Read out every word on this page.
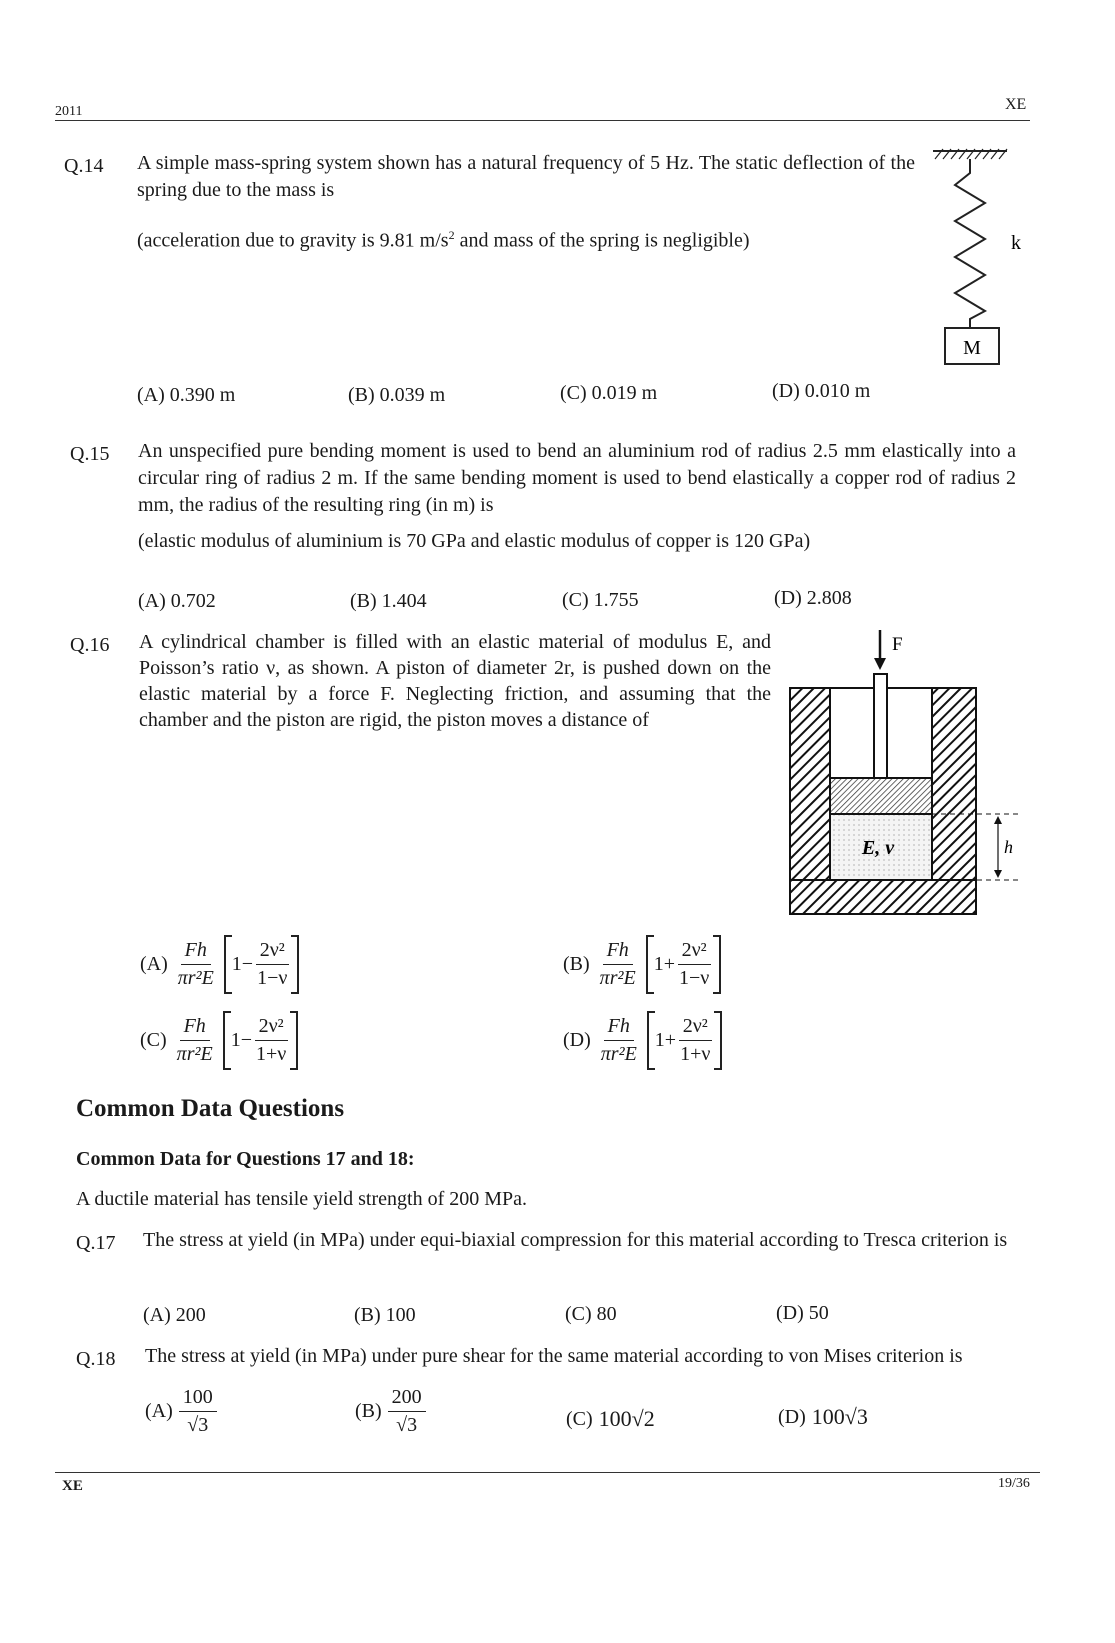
2011	XE
Q.14 A simple mass-spring system shown has a natural frequency of 5 Hz. The static deflection of the spring due to the mass is
(acceleration due to gravity is 9.81 $m/s^2$ and mass of the spring is negligible)
M
k
(A) 0.390 m	(B) 0.039 m	(C) 0.019 m	(D) 0.010 m
Q.15 An unspecified pure bending moment is used to bend an aluminium rod of radius 2.5 mm elastically into a circular ring of radius 2 m. If the same bending moment is used to bend elastically a copper rod of radius 2 mm, the radius of the resulting ring (in m) is
(elastic modulus of aluminium is 70 GPa and elastic modulus of copper is 120 GPa)
(A) 0.702	(B) 1.404	(C) 1.755	(D) 2.808
Q.16 A cylindrical chamber is filled with an elastic material of modulus E, and Poisson’s ratio ν, as shown. A piston of diameter 2r, is pushed down on the elastic material by a force F. Neglecting friction, and assuming that the chamber and the piston are rigid, the piston moves a distance of
F
E, ν	h
$(A) \frac{Fh}{\text{πr²E}} 1 - \frac{\text{2ν²}}{1-\nu}$	$(B) \frac{Fh}{\text{πr²E}} 1 + \frac{\text{2ν²}}{1-\nu}$
$(C) \frac{Fh}{\text{πr²E}} 1 - \frac{\text{2ν²}}{1+\nu}$	$(D) \frac{Fh}{\text{πr²E}} 1 + \frac{\text{2ν²}}{1+\nu}$
Common Data Questions
Common Data for Questions 17 and 18:
A ductile material has tensile yield strength of 200 MPa.
Q.17 The stress at yield (in MPa) under equi-biaxial compression for this material according to Tresca criterion is
(A) 200	(B) 100	(C) 80	(D) 50
Q.18 The stress at yield (in MPa) under pure shear for the same material according to von Mises criterion is
$(A) \frac{100}{√3}$	$(B) \frac{200}{√3}$	(C) 100√2	(D) 100√3
XE	19/36
